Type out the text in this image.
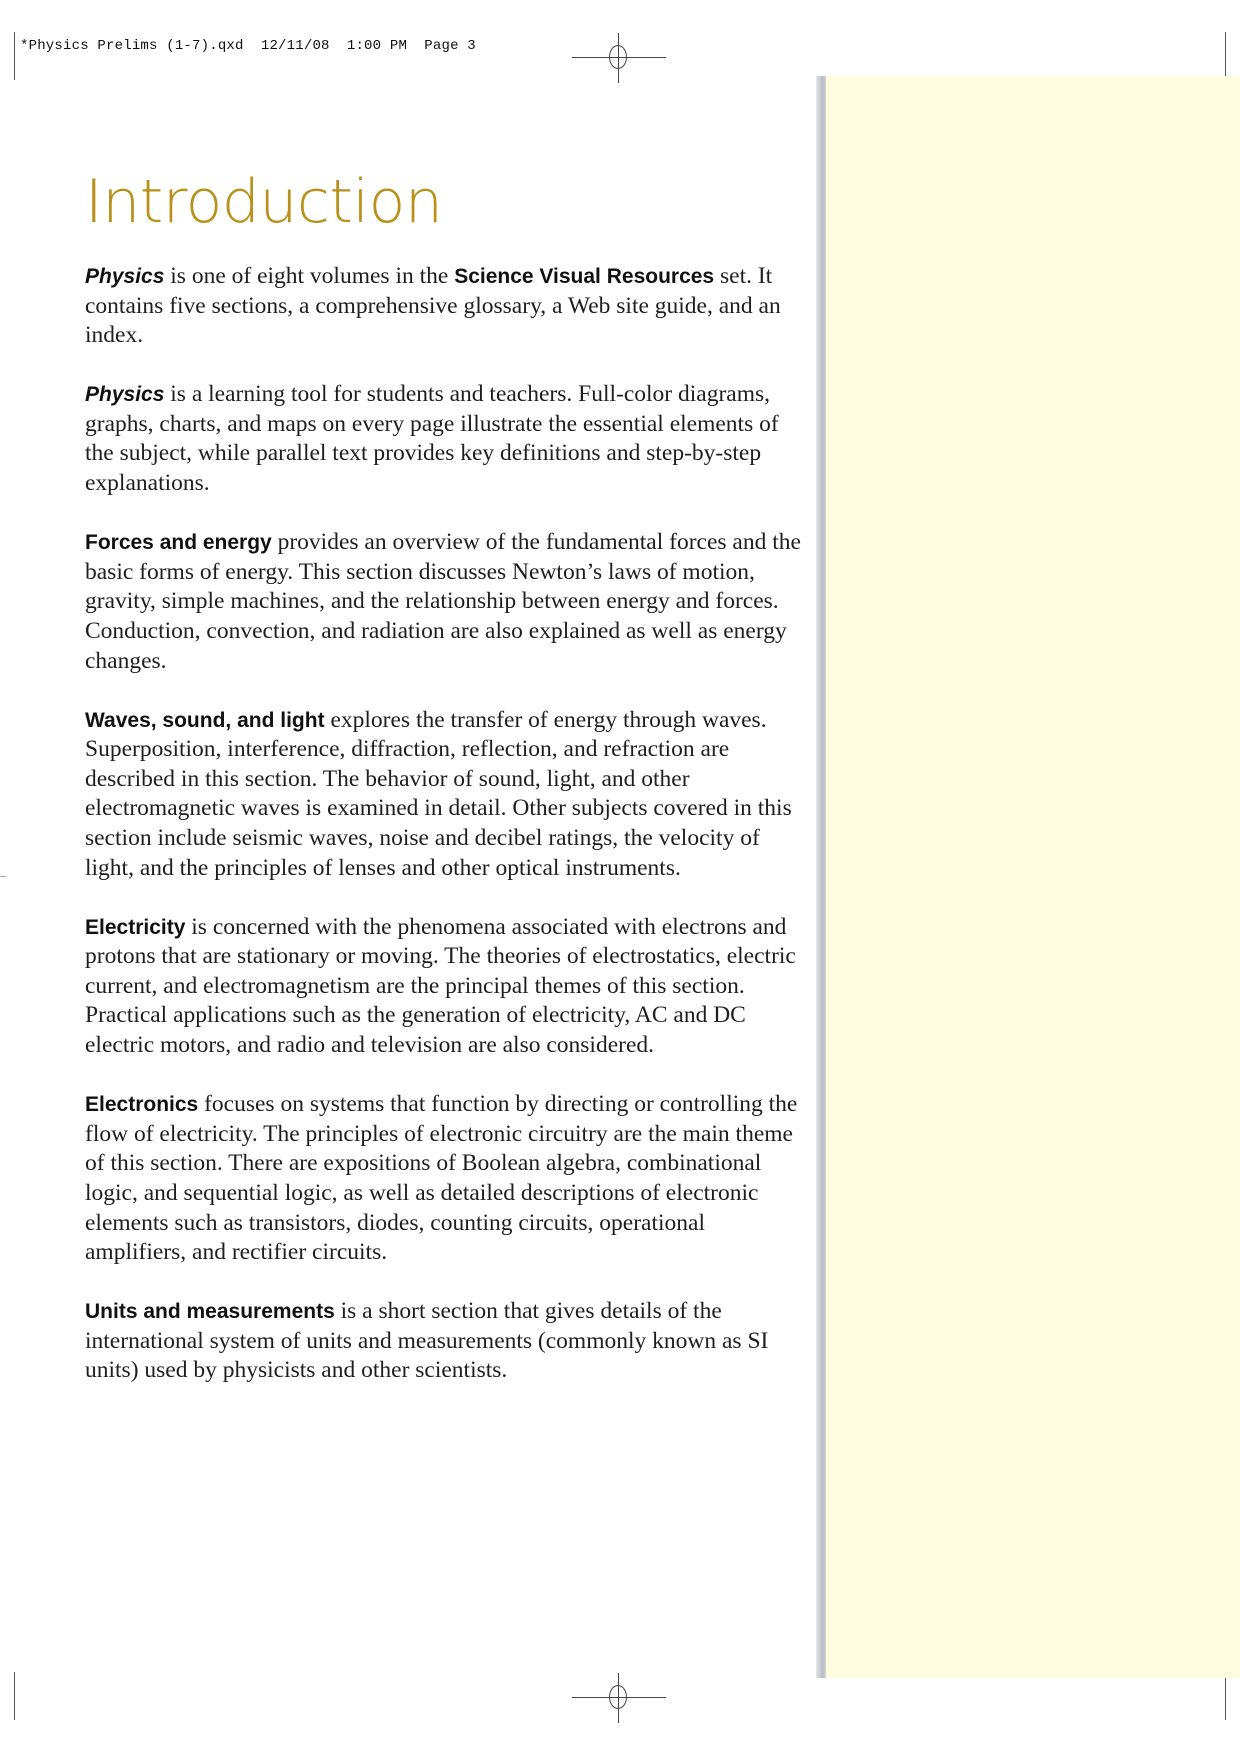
*Physics Prelims (1-7).qxd  12/11/08  1:00 PM  Page 3
Introduction

Physics is one of eight volumes in the Science Visual Resources set. It contains five sections, a comprehensive glossary, a Web site guide, and an index.

Physics is a learning tool for students and teachers. Full-color diagrams, graphs, charts, and maps on every page illustrate the essential elements of the subject, while parallel text provides key definitions and step-by-step explanations.

Forces and energy provides an overview of the fundamental forces and the basic forms of energy. This section discusses Newton’s laws of motion, gravity, simple machines, and the relationship between energy and forces. Conduction, convection, and radiation are also explained as well as energy changes.

Waves, sound, and light explores the transfer of energy through waves. Superposition, interference, diffraction, reflection, and refraction are described in this section. The behavior of sound, light, and other electromagnetic waves is examined in detail. Other subjects covered in this section include seismic waves, noise and decibel ratings, the velocity of light, and the principles of lenses and other optical instruments.

Electricity is concerned with the phenomena associated with electrons and protons that are stationary or moving. The theories of electrostatics, electric current, and electromagnetism are the principal themes of this section. Practical applications such as the generation of electricity, AC and DC electric motors, and radio and television are also considered.

Electronics focuses on systems that function by directing or controlling the flow of electricity. The principles of electronic circuitry are the main theme of this section. There are expositions of Boolean algebra, combinational logic, and sequential logic, as well as detailed descriptions of electronic elements such as transistors, diodes, counting circuits, operational amplifiers, and rectifier circuits.

Units and measurements is a short section that gives details of the international system of units and measurements (commonly known as SI units) used by physicists and other scientists.
